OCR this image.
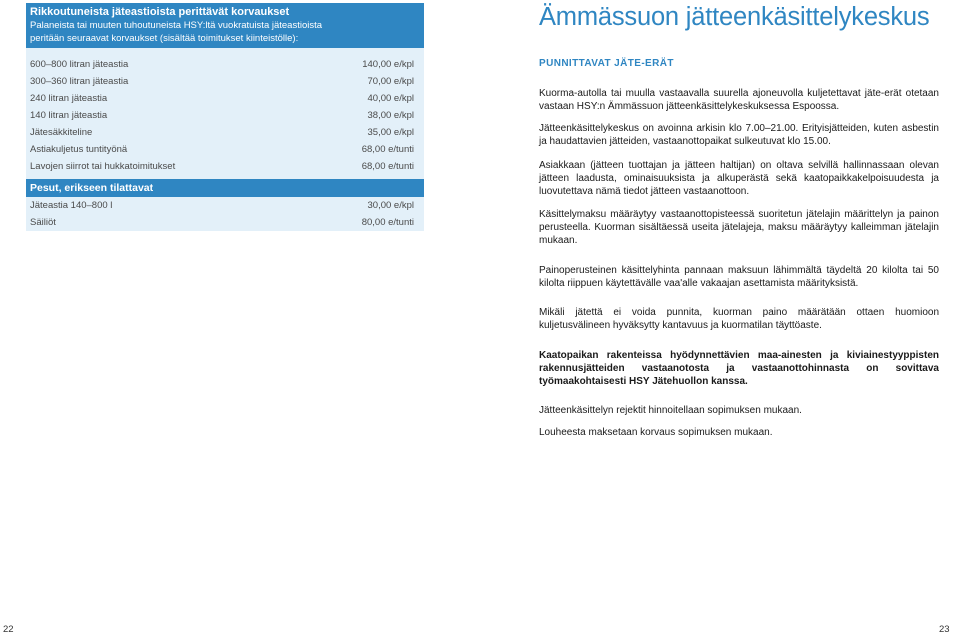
Rikkoutuneista jäteastioista perittävät korvaukset
Palaneista tai muuten tuhoutuneista HSY:ltä vuokratuista jäteastioista
peritään seuraavat korvaukset (sisältää toimitukset kiinteistölle):
600–800 litran jäteastia	140,00 e/kpl
300–360 litran jäteastia	70,00 e/kpl
240 litran jäteastia	40,00 e/kpl
140 litran jäteastia	38,00 e/kpl
Jätesäkkiteline	35,00 e/kpl
Astiakuljetus tuntityönä	68,00 e/tunti
Lavojen siirrot tai hukkatoimitukset	68,00 e/tunti
Pesut, erikseen tilattavat
Jäteastia 140–800 l	30,00 e/kpl
Säiliöt	80,00 e/tunti
Ämmässuon jätteenkäsittelykeskus
PUNNITTAVAT JÄTE-ERÄT

Kuorma-autolla tai muulla vastaavalla suurella ajoneuvolla kuljetettavat jäte-erät otetaan vastaan HSY:n Ämmässuon jätteenkäsittelykeskuksessa Espoossa.

Jätteenkäsittelykeskus on avoinna arkisin klo 7.00–21.00. Erityisjätteiden, kuten asbestin ja haudattavien jätteiden, vastaanottopaikat sulkeutuvat klo 15.00.

Asiakkaan (jätteen tuottajan ja jätteen haltijan) on oltava selvillä hallinnassaan olevan jätteen laadusta, ominaisuuksista ja alkuperästä sekä kaatopaikkakelpoisuudesta ja luovutettava nämä tiedot jätteen vastaanottoon.

Käsittelymaksu määräytyy vastaanottopisteessä suoritetun jätelajin määrittelyn ja painon perusteella. Kuorman sisältäessä useita jätelajeja, maksu määräytyy kalleimman jätelajin mukaan.

Painoperusteinen käsittelyhinta pannaan maksuun lähimmältä täydeltä 20 kilolta tai 50 kilolta riippuen käytettävälle vaa'alle vakaajan asettamista määrityksistä.

Mikäli jätettä ei voida punnita, kuorman paino määrätään ottaen huomioon kuljetusvälineen hyväksytty kantavuus ja kuormatilan täyttöaste.

Kaatopaikan rakenteissa hyödynnettävien maa-ainesten ja kiviainestyyppisten rakennusjätteiden vastaanotosta ja vastaanottohinnasta on sovittava työmaakohtaisesti HSY Jätehuollon kanssa.

Jätteenkäsittelyn rejektit hinnoitellaan sopimuksen mukaan.

Louheesta maksetaan korvaus sopimuksen mukaan.

22	23
